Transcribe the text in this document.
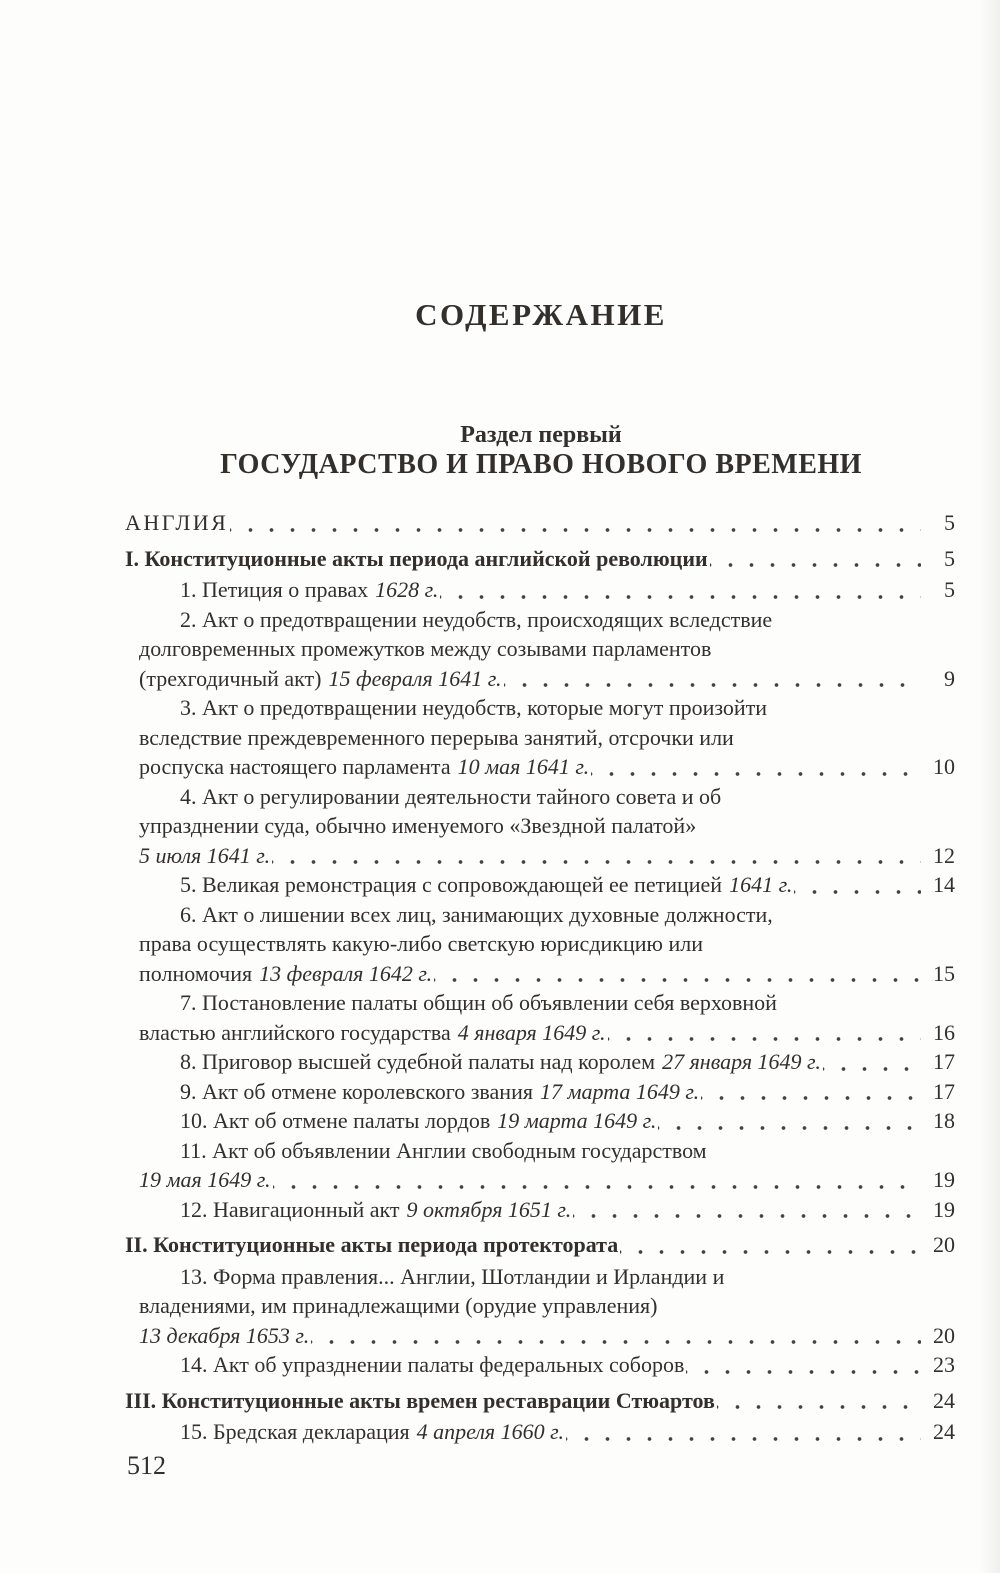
СОДЕРЖАНИЕ
Раздел первый
ГОСУДАРСТВО И ПРАВО НОВОГО ВРЕМЕНИ
АНГЛИЯ	5
I. Конституционные акты периода английской революции	5
1. Петиция о правах 1628 г.	5
2. Акт о предотвращении неудобств, происходящих вследствие
долговременных промежутков между созывами парламентов
(трехгодичный акт) 15 февраля 1641 г.	9
3. Акт о предотвращении неудобств, которые могут произойти
вследствие преждевременного перерыва занятий, отсрочки или
роспуска настоящего парламента 10 мая 1641 г.	10
4. Акт о регулировании деятельности тайного совета и об
упразднении суда, обычно именуемого «Звездной палатой»
5 июля 1641 г.	12
5. Великая ремонстрация с сопровождающей ее петицией 1641 г.	14
6. Акт о лишении всех лиц, занимающих духовные должности,
права осуществлять какую-либо светскую юрисдикцию или
полномочия 13 февраля 1642 г.	15
7. Постановление палаты общин об объявлении себя верховной
властью английского государства 4 января 1649 г.	16
8. Приговор высшей судебной палаты над королем 27 января 1649 г.	17
9. Акт об отмене королевского звания 17 марта 1649 г.	17
10. Акт об отмене палаты лордов 19 марта 1649 г.	18
11. Акт об объявлении Англии свободным государством
19 мая 1649 г.	19
12. Навигационный акт 9 октября 1651 г.	19
II. Конституционные акты периода протектората	20
13. Форма правления... Англии, Шотландии и Ирландии и
владениями, им принадлежащими (орудие управления)
13 декабря 1653 г.	20
14. Акт об упразднении палаты федеральных соборов	23
III. Конституционные акты времен реставрации Стюартов	24
15. Бредская декларация 4 апреля 1660 г.	24
512
